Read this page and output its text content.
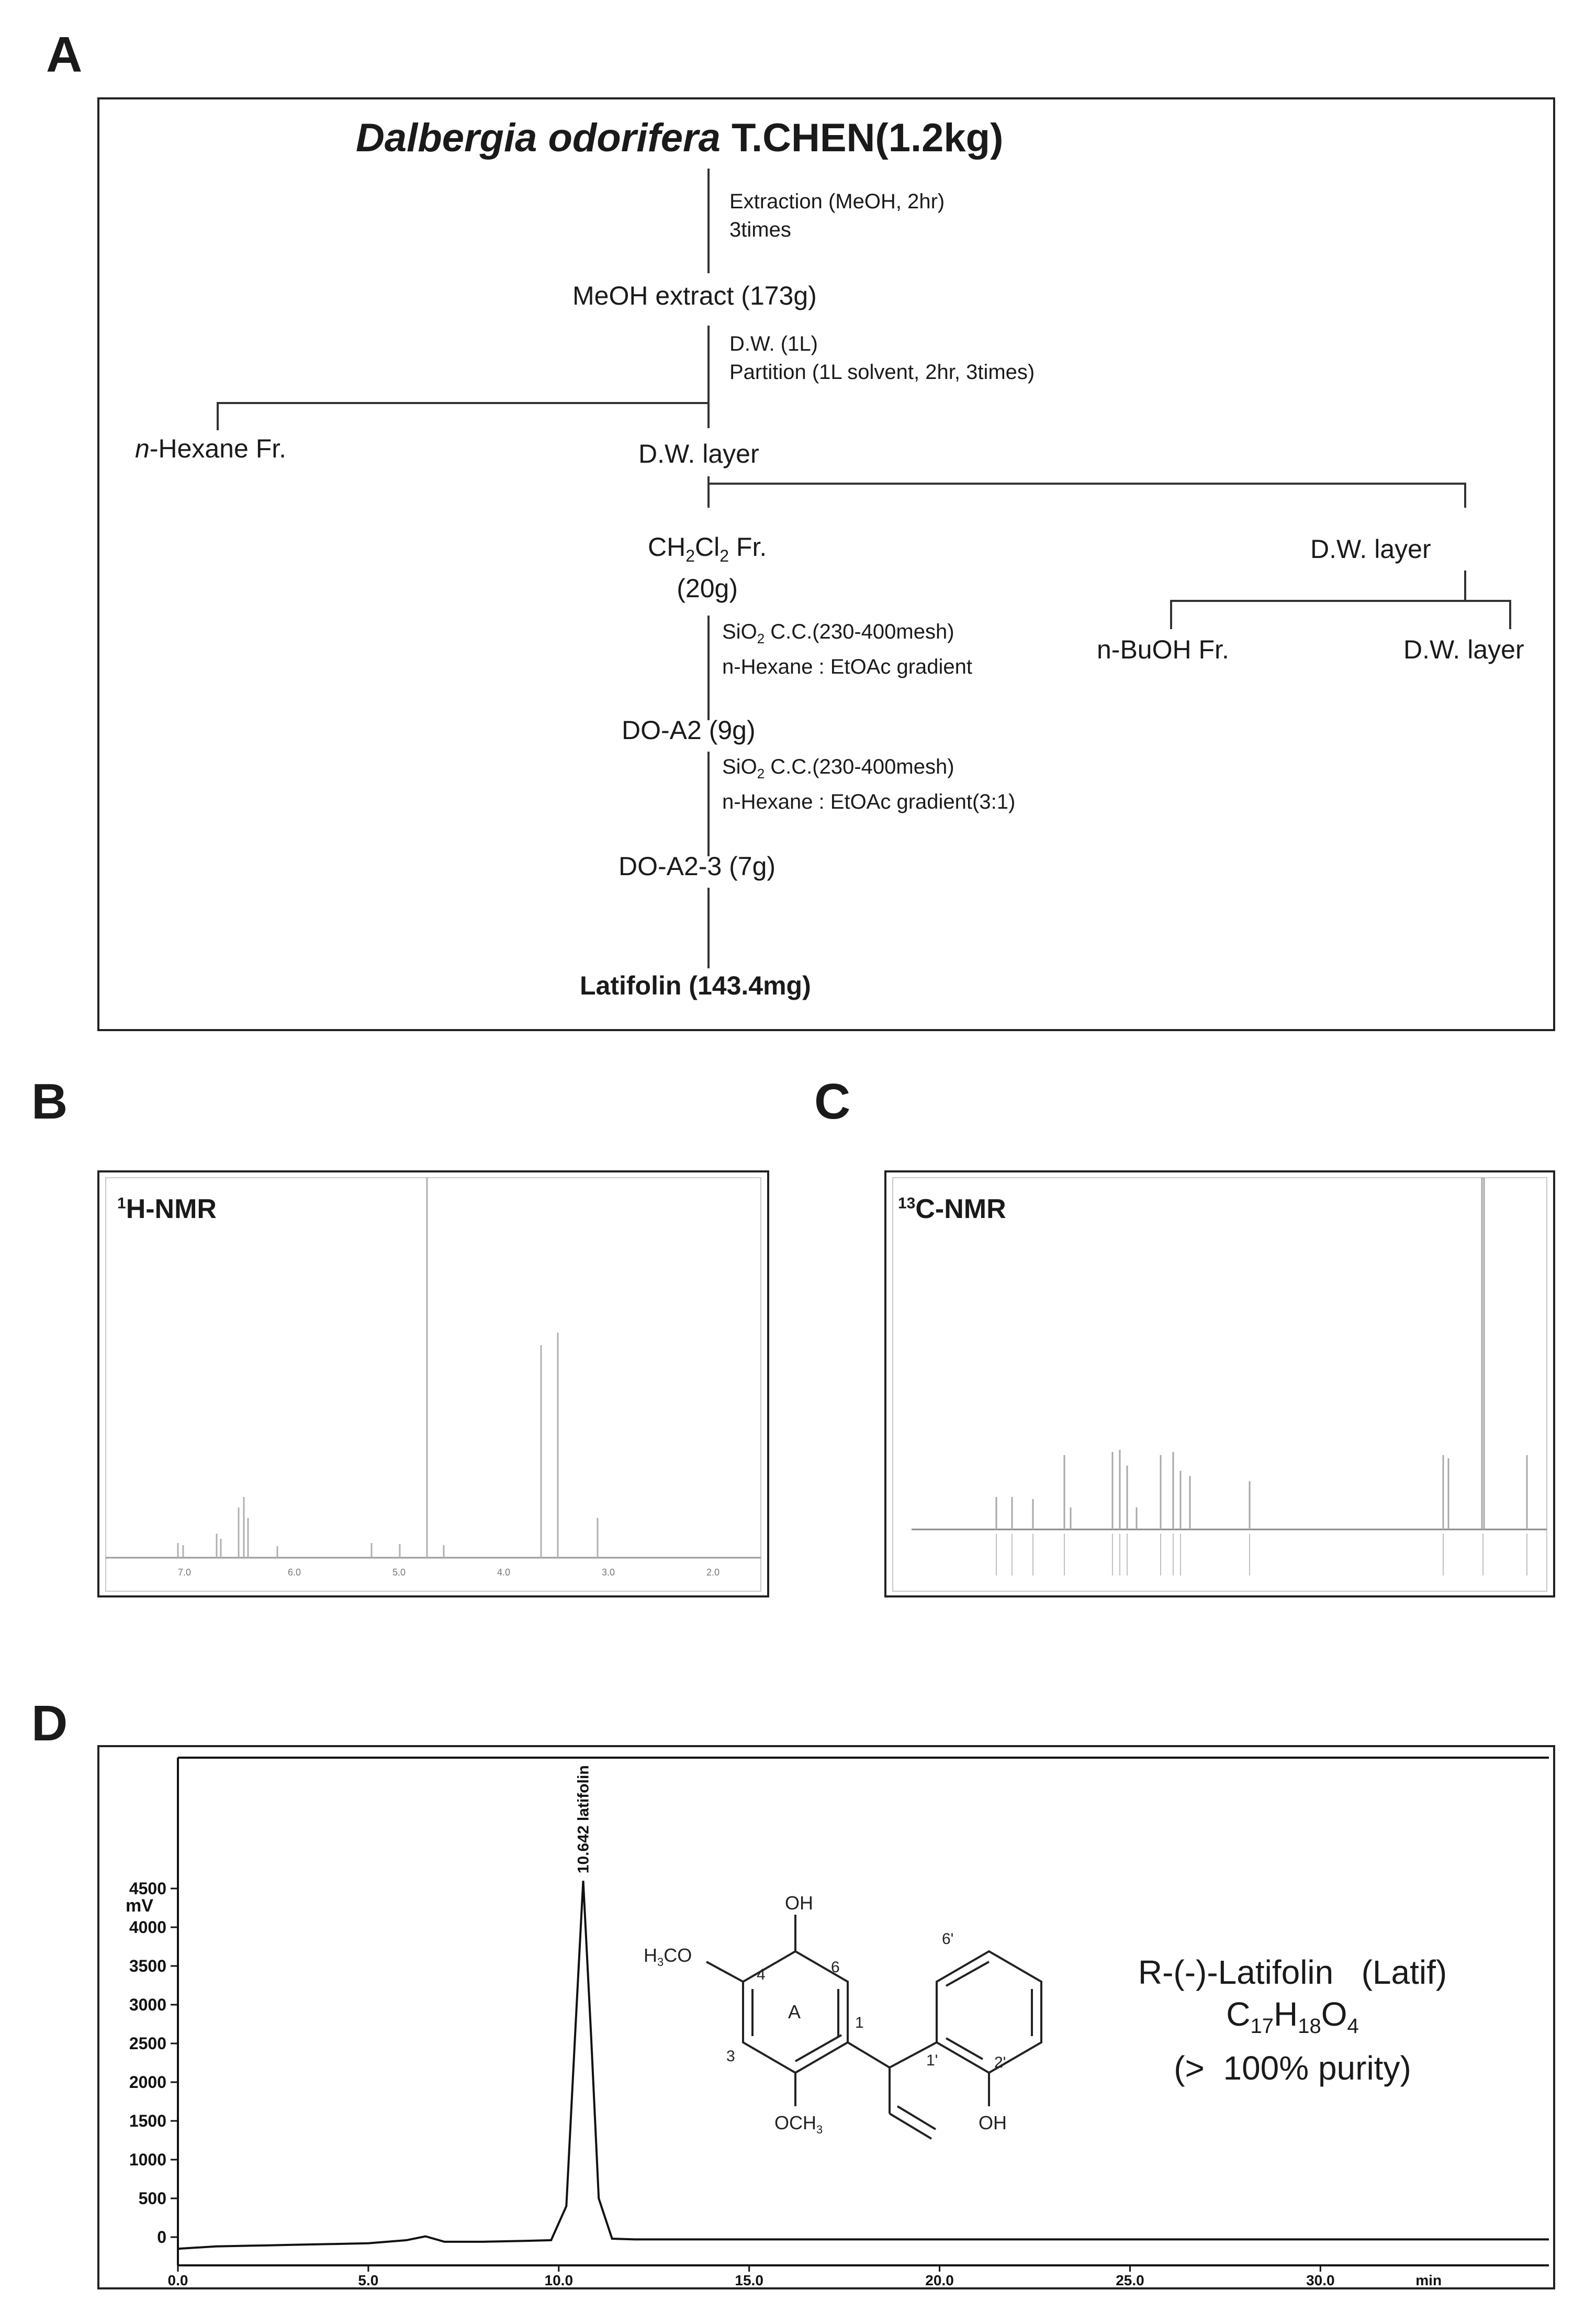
A
Dalbergia odorifera T.CHEN(1.2kg)
Extraction (MeOH, 2hr)
3times
MeOH extract (173g)
D.W. (1L)
Partition (1L solvent, 2hr, 3times)
n-Hexane Fr.	D.W. layer
$CH_2Cl_2$ Fr.
(20g)
D.W. layer
n-BuOH Fr.	D.W. layer
SiO$_2$ C.C.(230-400mesh)
n-Hexane : EtOAc gradient
DO-A2 (9g)
SiO$_2$ C.C.(230-400mesh)
n-Hexane : EtOAc gradient(3:1)
DO-A2-3 (7g)
Latifolin (143.4mg)
B
$^1$H-NMR
7.0	6.0	5.0	4.0	3.0	2.0
C
$^{13}$C-NMR
D
0
500
1000
1500
2000
2500
3000
3500
4000
4500
0.0	5.0	10.0	15.0	20.0	25.0	30.0
10.642 latifolin
mV
min
OH
$H_3CO$
A
4	6
1
3
$OCH_3$
6'
1'	2'
OH
R-(-)-Latifolin   (Latif)
$C_{17}H_{18}O_4$
(>  100% purity)
